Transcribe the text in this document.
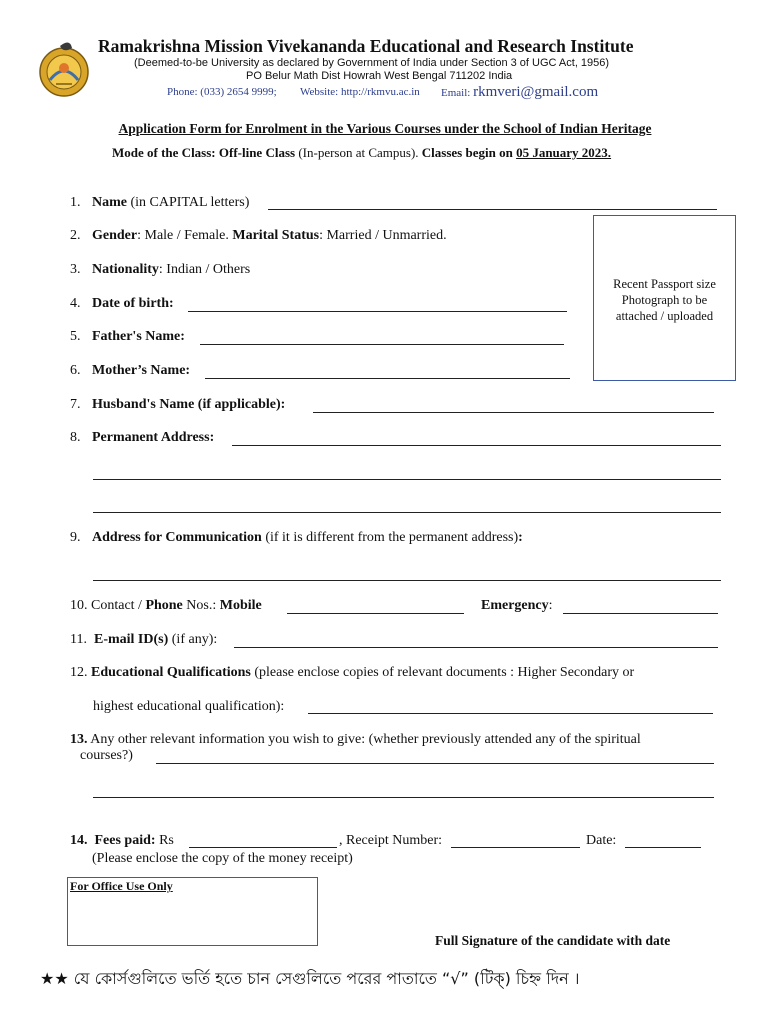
Ramakrishna Mission Vivekananda Educational and Research Institute
(Deemed-to-be University as declared by Government of India under Section 3 of UGC Act, 1956)
PO Belur Math Dist Howrah West Bengal 711202 India
Phone: (033) 2654 9999; Website: http://rkmvu.ac.in Email: rkmveri@gmail.com
Application Form for Enrolment in the Various Courses under the School of Indian Heritage
Mode of the Class: Off-line Class (In-person at Campus). Classes begin on 05 January 2023.
Recent Passport size Photograph to be attached / uploaded
1. Name (in CAPITAL letters)
2. Gender: Male / Female. Marital Status: Married / Unmarried.
3. Nationality: Indian / Others
4. Date of birth:
5. Father's Name:
6. Mother’s Name:
7. Husband's Name (if applicable):
8. Permanent Address:
9. Address for Communication (if it is different from the permanent address):
10. Contact / Phone Nos.: Mobile	Emergency:
11. E-mail ID(s) (if any):
12. Educational Qualifications (please enclose copies of relevant documents : Higher Secondary or
highest educational qualification):
13. Any other relevant information you wish to give: (whether previously attended any of the spiritual
courses?)
14. Fees paid: Rs	, Receipt Number:	Date:
(Please enclose the copy of the money receipt)
For Office Use Only
Full Signature of the candidate with date
★★ যে কোর্সগুলিতে ভর্তি হতে চান সেগুলিতে পরের পাতাতে “√” (টিক্) চিহ্ন দিন ।
